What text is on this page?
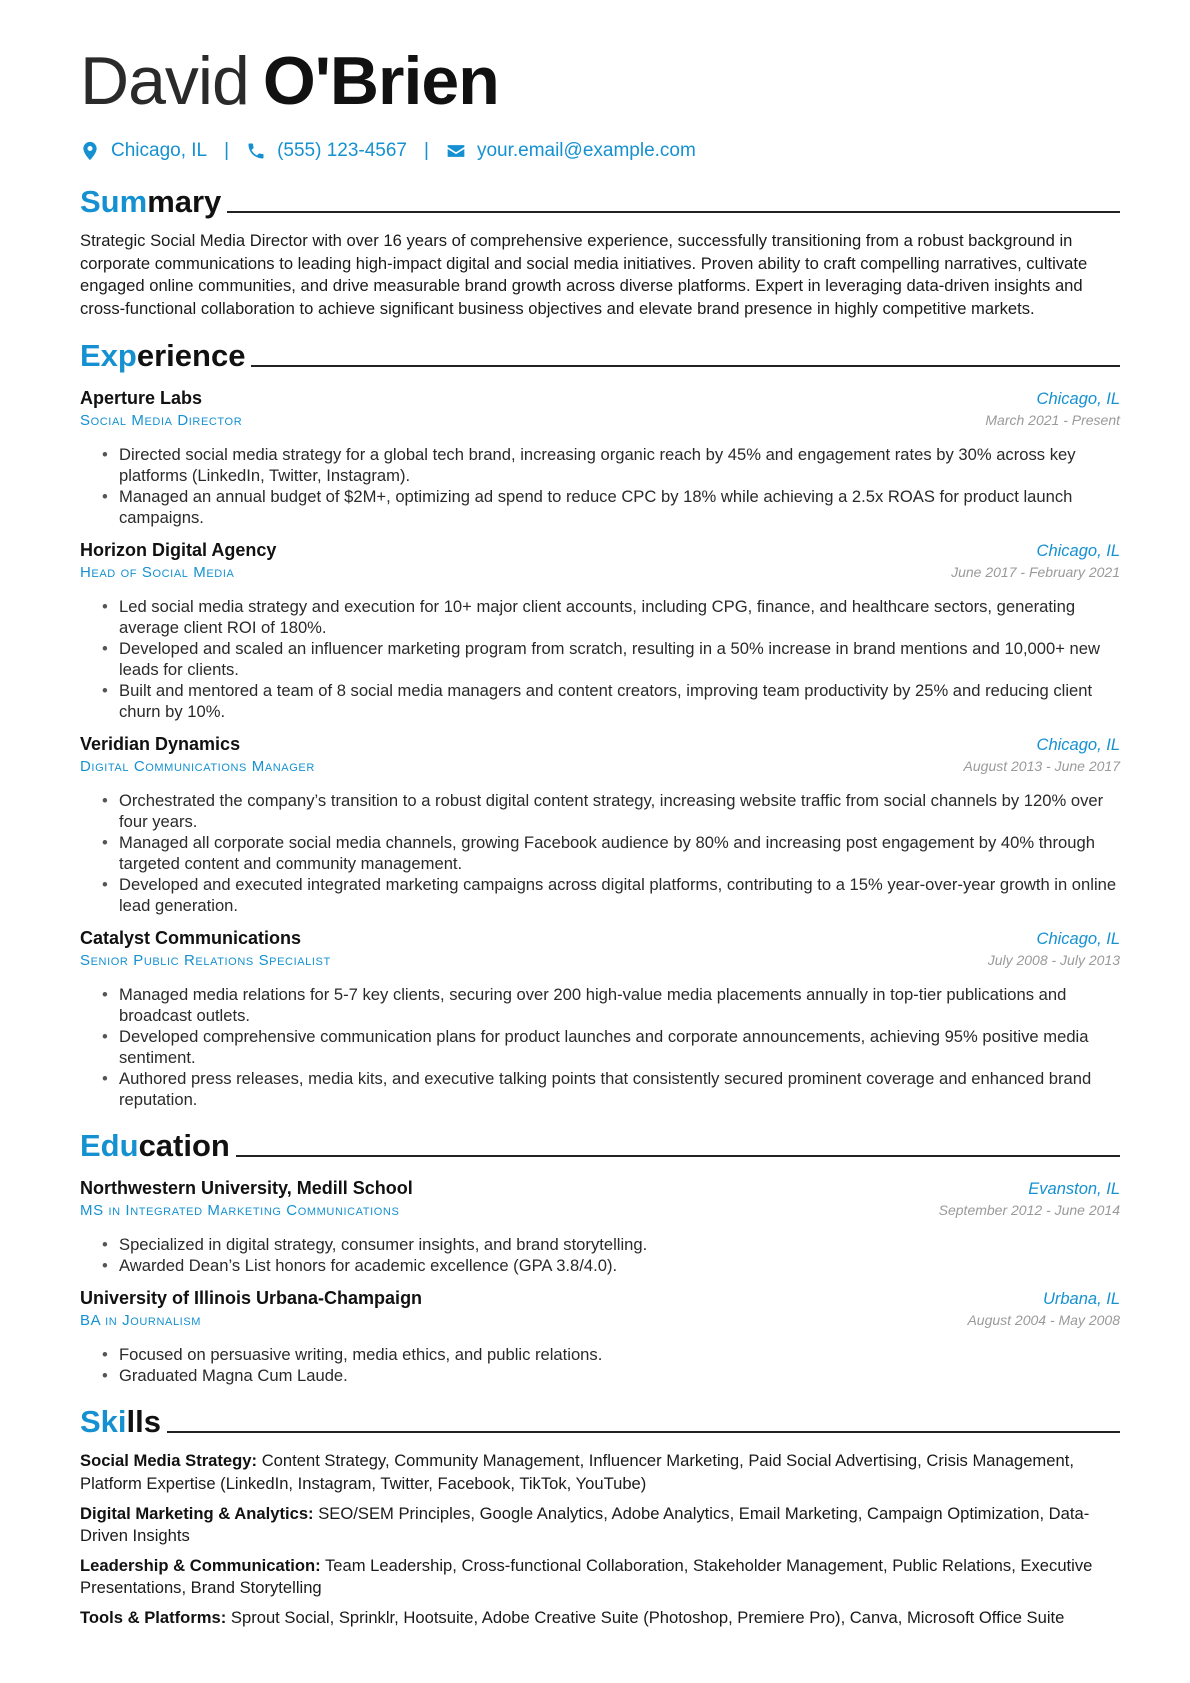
David O'Brien
Chicago, IL |	(555) 123-4567 |	your.email@example.com
Summary
Strategic Social Media Director with over 16 years of comprehensive experience, successfully transitioning from a robust background in corporate communications to leading high-impact digital and social media initiatives. Proven ability to craft compelling narratives, cultivate engaged online communities, and drive measurable brand growth across diverse platforms. Expert in leveraging data-driven insights and cross-functional collaboration to achieve significant business objectives and elevate brand presence in highly competitive markets.
Experience
Aperture Labs	Chicago, IL
Social Media Director	March 2021 - Present
• Directed social media strategy for a global tech brand, increasing organic reach by 45% and engagement rates by 30% across key platforms (LinkedIn, Twitter, Instagram).
• Managed an annual budget of $2M+, optimizing ad spend to reduce CPC by 18% while achieving a 2.5x ROAS for product launch campaigns.
Horizon Digital Agency	Chicago, IL
Head of Social Media	June 2017 - February 2021
• Led social media strategy and execution for 10+ major client accounts, including CPG, finance, and healthcare sectors, generating average client ROI of 180%.
• Developed and scaled an influencer marketing program from scratch, resulting in a 50% increase in brand mentions and 10,000+ new leads for clients.
• Built and mentored a team of 8 social media managers and content creators, improving team productivity by 25% and reducing client churn by 10%.
Veridian Dynamics	Chicago, IL
Digital Communications Manager	August 2013 - June 2017
• Orchestrated the company’s transition to a robust digital content strategy, increasing website traffic from social channels by 120% over four years.
• Managed all corporate social media channels, growing Facebook audience by 80% and increasing post engagement by 40% through targeted content and community management.
• Developed and executed integrated marketing campaigns across digital platforms, contributing to a 15% year-over-year growth in online lead generation.
Catalyst Communications	Chicago, IL
Senior Public Relations Specialist	July 2008 - July 2013
• Managed media relations for 5-7 key clients, securing over 200 high-value media placements annually in top-tier publications and broadcast outlets.
• Developed comprehensive communication plans for product launches and corporate announcements, achieving 95% positive media sentiment.
• Authored press releases, media kits, and executive talking points that consistently secured prominent coverage and enhanced brand reputation.
Education
Northwestern University, Medill School	Evanston, IL
MS in Integrated Marketing Communications	September 2012 - June 2014
• Specialized in digital strategy, consumer insights, and brand storytelling.
• Awarded Dean’s List honors for academic excellence (GPA 3.8/4.0).
University of Illinois Urbana-Champaign	Urbana, IL
BA in Journalism	August 2004 - May 2008
• Focused on persuasive writing, media ethics, and public relations.
• Graduated Magna Cum Laude.
Skills
Social Media Strategy: Content Strategy, Community Management, Influencer Marketing, Paid Social Advertising, Crisis Management, Platform Expertise (LinkedIn, Instagram, Twitter, Facebook, TikTok, YouTube)
Digital Marketing & Analytics: SEO/SEM Principles, Google Analytics, Adobe Analytics, Email Marketing, Campaign Optimization, Data-Driven Insights
Leadership & Communication: Team Leadership, Cross-functional Collaboration, Stakeholder Management, Public Relations, Executive Presentations, Brand Storytelling
Tools & Platforms: Sprout Social, Sprinklr, Hootsuite, Adobe Creative Suite (Photoshop, Premiere Pro), Canva, Microsoft Office Suite
